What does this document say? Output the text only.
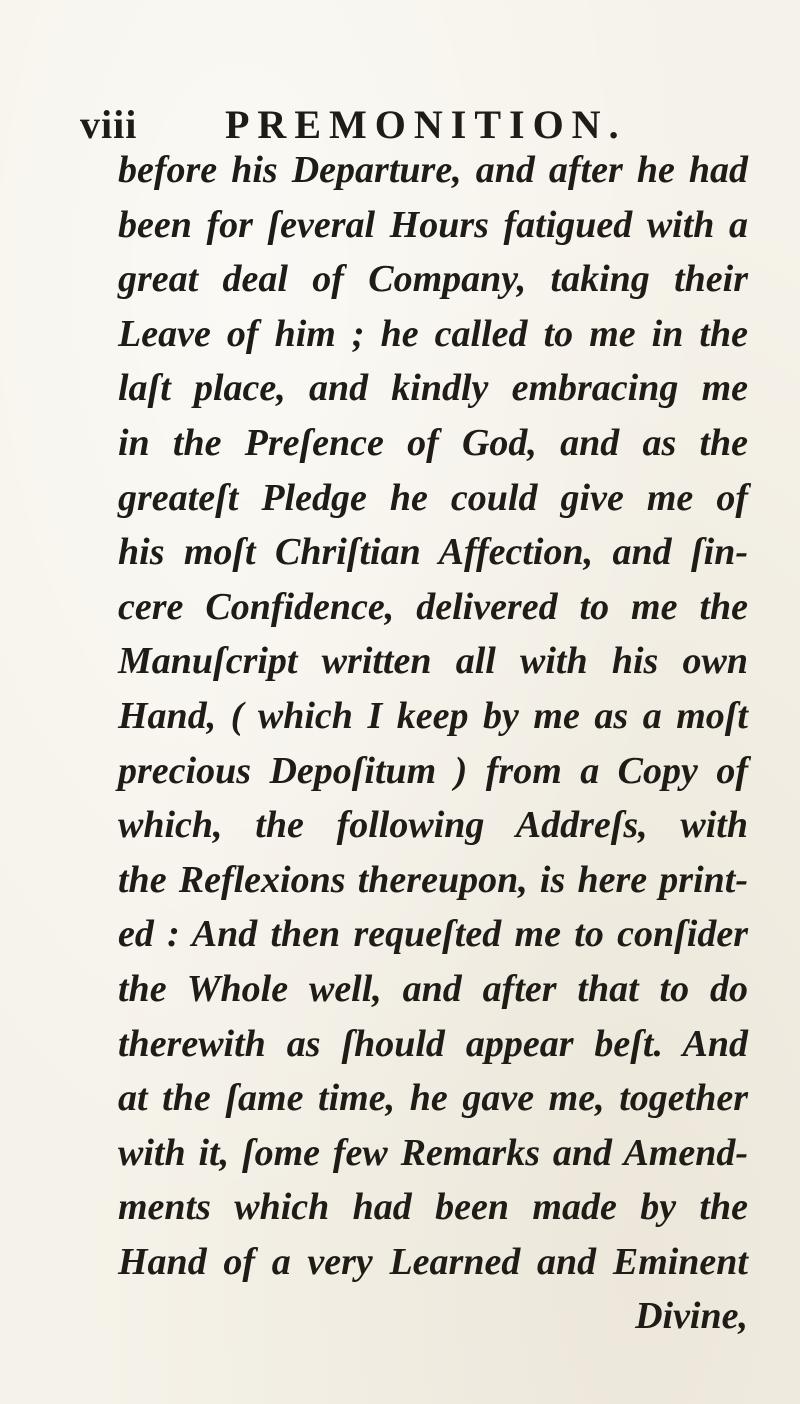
viii PREMONITION.
before his Departure, and after he had
been for ſeveral Hours fatigued with a
great deal of Company, taking their
Leave of him ; he called to me in the
laſt place, and kindly embracing me
in the Preſence of God, and as the
greateſt Pledge he could give me of
his moſt Chriſtian Affection, and ſin-
cere Confidence, delivered to me the
Manuſcript written all with his own
Hand, ( which I keep by me as a moſt
precious Depoſitum ) from a Copy of
which, the following Addreſs, with
the Reflexions thereupon, is here print-
ed : And then requeſted me to conſider
the Whole well, and after that to do
therewith as ſhould appear beſt. And
at the ſame time, he gave me, together
with it, ſome few Remarks and Amend-
ments which had been made by the
Hand of a very Learned and Eminent
Divine,
